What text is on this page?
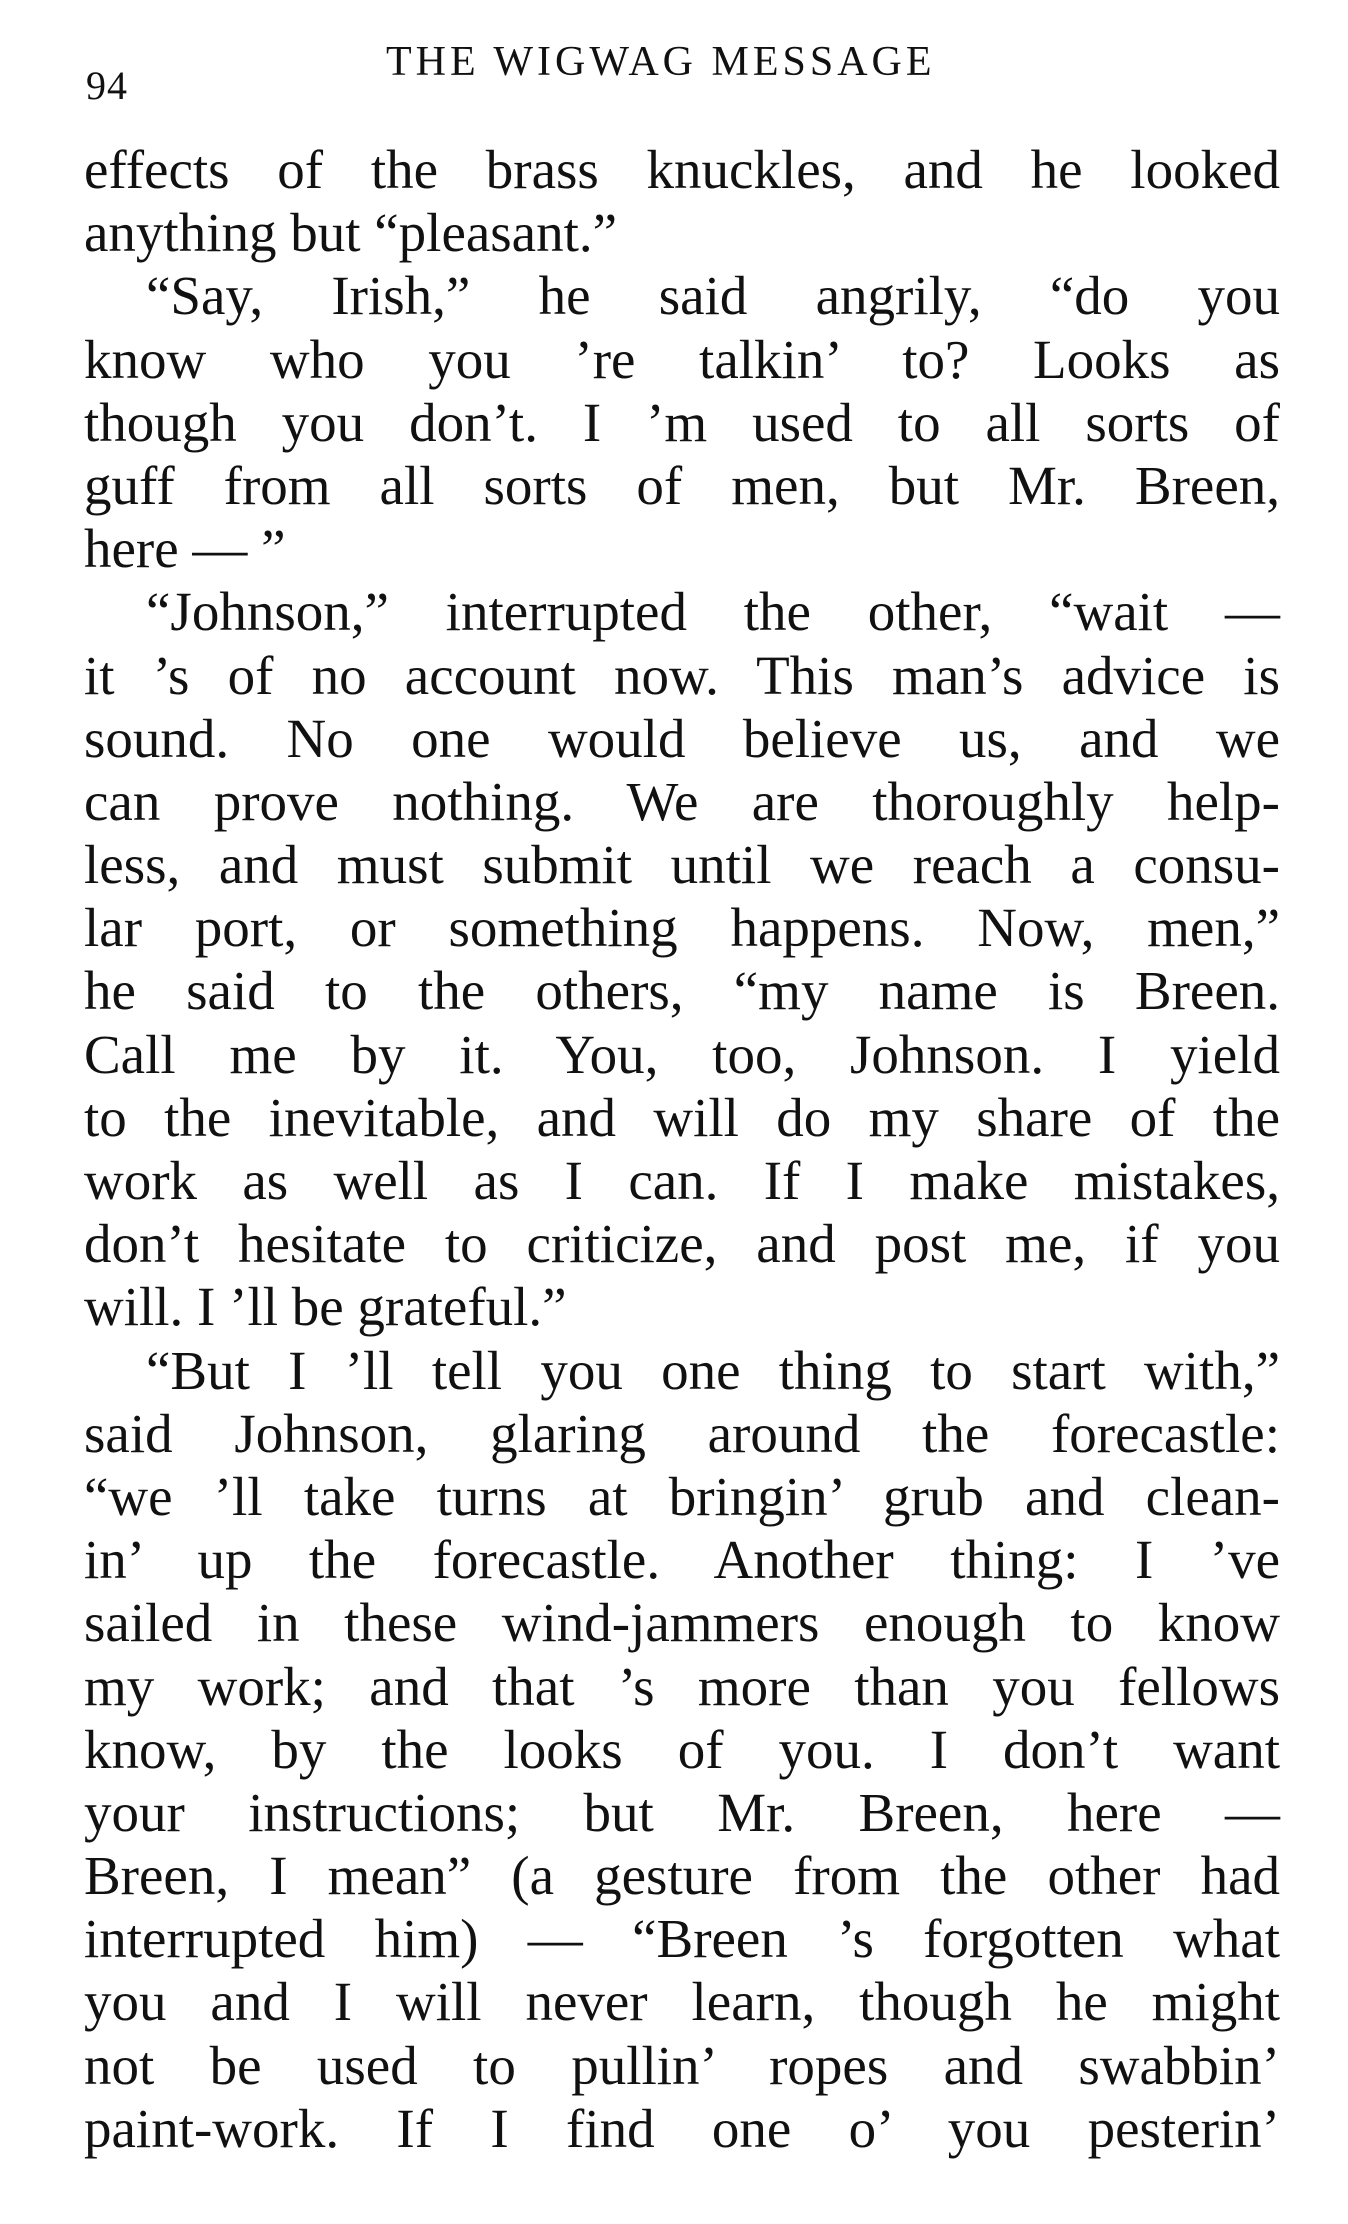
94
THE WIGWAG MESSAGE
effects of the brass knuckles, and he looked
anything but “pleasant.”
“Say, Irish,” he said angrily, “do you
know who you ’re talkin’ to? Looks as
though you don’t. I ’m used to all sorts of
guff from all sorts of men, but Mr. Breen,
here — ”
“Johnson,” interrupted the other, “wait —
it ’s of no account now. This man’s advice is
sound. No one would believe us, and we
can prove nothing. We are thoroughly help-
less, and must submit until we reach a consu-
lar port, or something happens. Now, men,”
he said to the others, “my name is Breen.
Call me by it. You, too, Johnson. I yield
to the inevitable, and will do my share of the
work as well as I can. If I make mistakes,
don’t hesitate to criticize, and post me, if you
will. I ’ll be grateful.”
“But I ’ll tell you one thing to start with,”
said Johnson, glaring around the forecastle:
“we ’ll take turns at bringin’ grub and clean-
in’ up the forecastle. Another thing: I ’ve
sailed in these wind-jammers enough to know
my work; and that ’s more than you fellows
know, by the looks of you. I don’t want
your instructions; but Mr. Breen, here —
Breen, I mean” (a gesture from the other had
interrupted him) — “Breen ’s forgotten what
you and I will never learn, though he might
not be used to pullin’ ropes and swabbin’
paint-work. If I find one o’ you pesterin’
